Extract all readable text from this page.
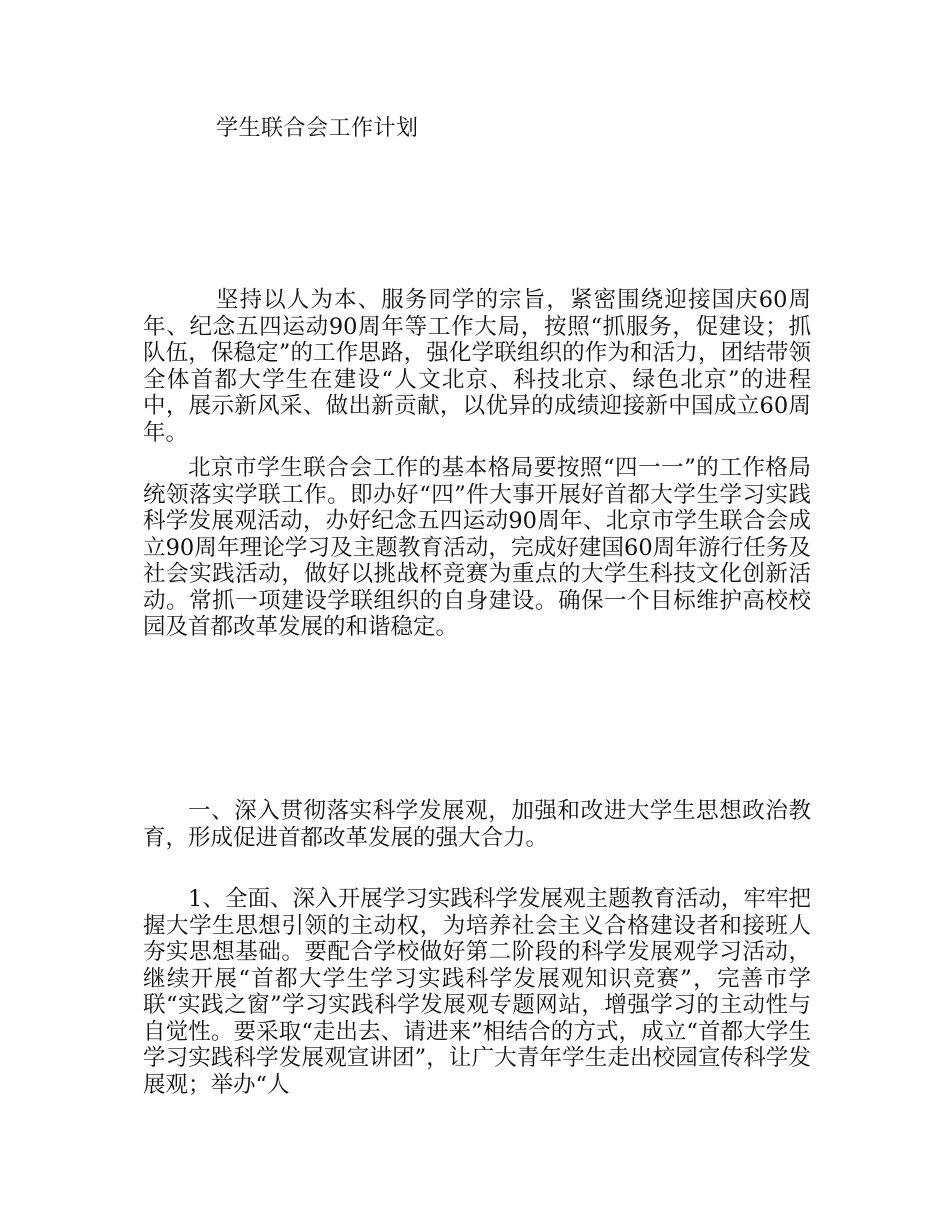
学生联合会工作计划

坚持以人为本、服务同学的宗旨，紧密围绕迎接国庆60周年、纪念五四运动90周年等工作大局，按照“抓服务，促建设；抓队伍，保稳定”的工作思路，强化学联组织的作为和活力，团结带领全体首都大学生在建设“人文北京、科技北京、绿色北京”的进程中，展示新风采、做出新贡献，以优异的成绩迎接新中国成立60周年。

北京市学生联合会工作的基本格局要按照“四一一”的工作格局统领落实学联工作。即办好“四”件大事开展好首都大学生学习实践科学发展观活动，办好纪念五四运动90周年、北京市学生联合会成立90周年理论学习及主题教育活动，完成好建国60周年游行任务及社会实践活动，做好以挑战杯竞赛为重点的大学生科技文化创新活动。常抓一项建设学联组织的自身建设。确保一个目标维护高校校园及首都改革发展的和谐稳定。

一、深入贯彻落实科学发展观，加强和改进大学生思想政治教育，形成促进首都改革发展的强大合力。

1、全面、深入开展学习实践科学发展观主题教育活动，牢牢把握大学生思想引领的主动权，为培养社会主义合格建设者和接班人夯实思想基础。要配合学校做好第二阶段的科学发展观学习活动，继续开展“首都大学生学习实践科学发展观知识竞赛”，完善市学联“实践之窗”学习实践科学发展观专题网站，增强学习的主动性与自觉性。要采取“走出去、请进来”相结合的方式，成立“首都大学生学习实践科学发展观宣讲团”，让广大青年学生走出校园宣传科学发展观；举办“人
